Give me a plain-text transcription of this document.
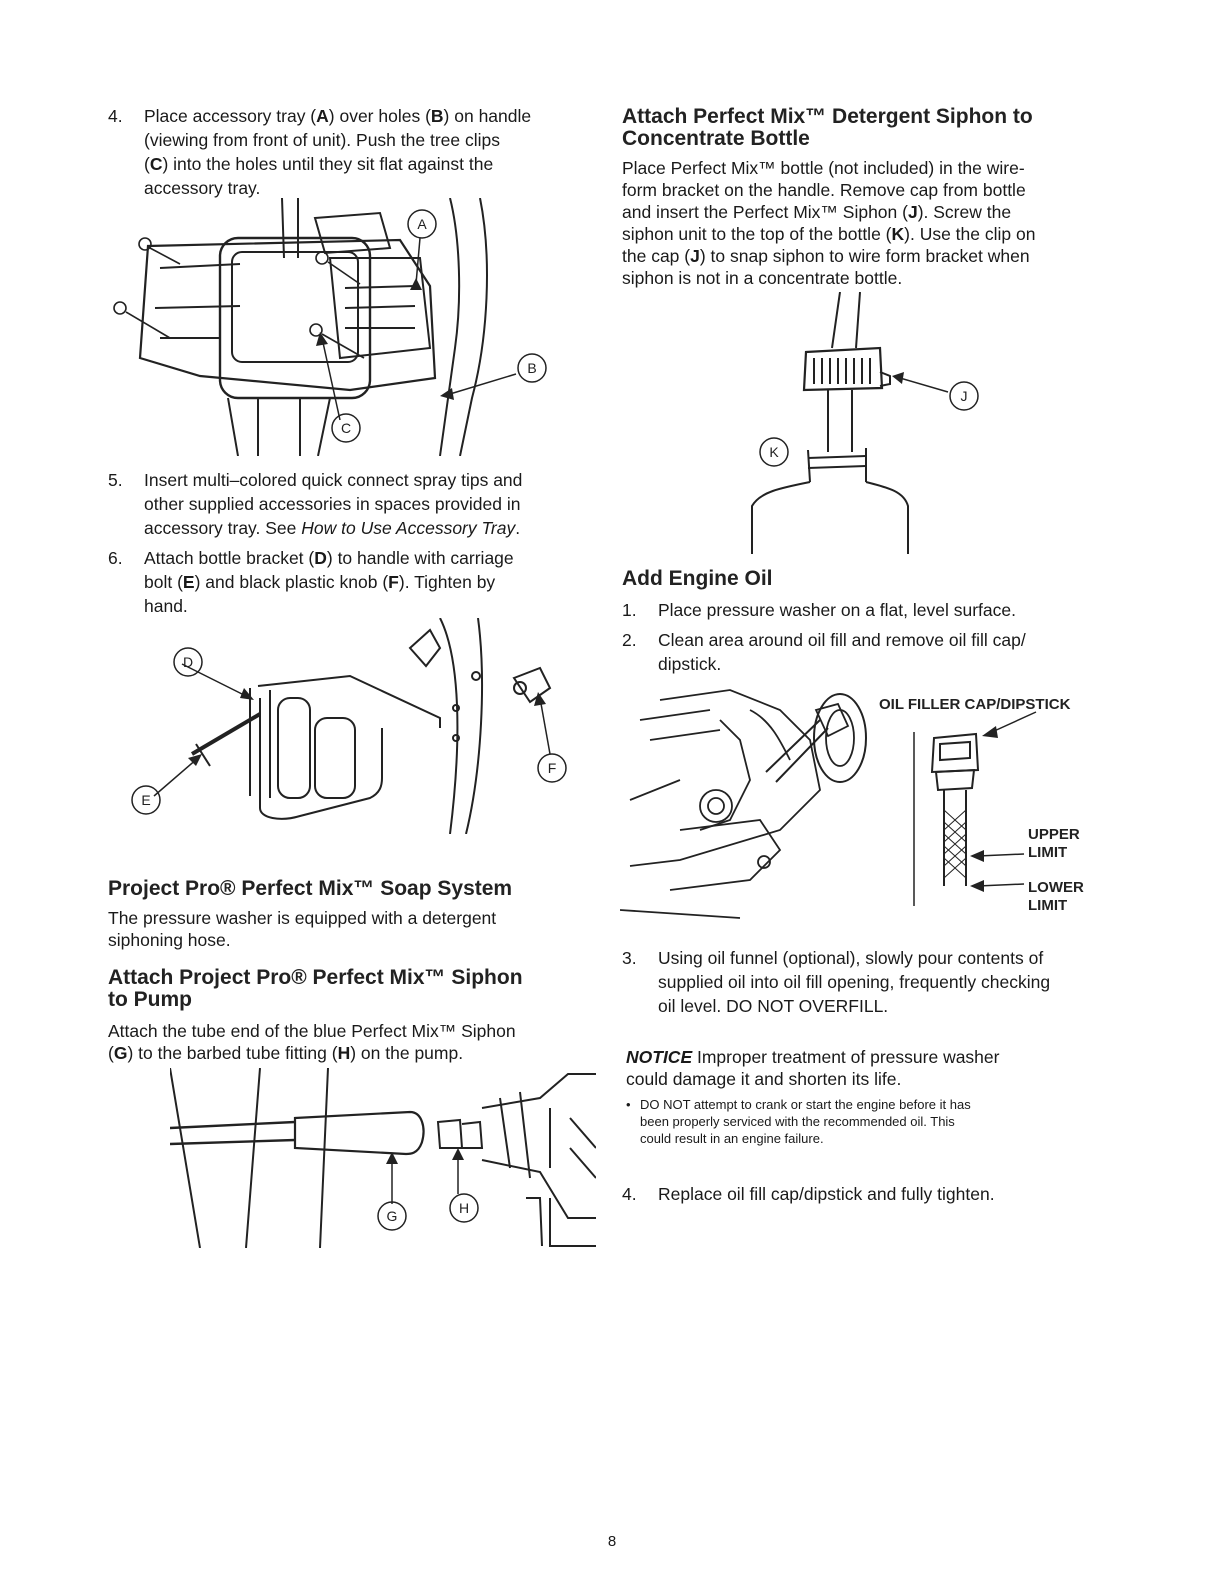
4. Place accessory tray (A) over holes (B) on handle
(viewing from front of unit). Push the tree clips
(C) into the holes until they sit flat against the
accessory tray.
A
B
C
5. Insert multi–colored quick connect spray tips and
other supplied accessories in spaces provided in
accessory tray. See How to Use Accessory Tray.
6. Attach bottle bracket (D) to handle with carriage
bolt (E) and black plastic knob (F). Tighten by
hand.
D
E
F
Project Pro® Perfect Mix™ Soap System
The pressure washer is equipped with a detergent
siphoning hose.
Attach Project Pro® Perfect Mix™ Siphon
to Pump
Attach the tube end of the blue Perfect Mix™ Siphon
(G) to the barbed tube fitting (H) on the pump.
G	H
Attach Perfect Mix™ Detergent Siphon to
Concentrate Bottle
Place Perfect Mix™ bottle (not included) in the wire-
form bracket on the handle. Remove cap from bottle
and insert the Perfect Mix™ Siphon (J). Screw the
siphon unit to the top of the bottle (K). Use the clip on
the cap (J) to snap siphon to wire form bracket when
siphon is not in a concentrate bottle.
J
K
Add Engine Oil
1. Place pressure washer on a flat, level surface.
2. Clean area around oil fill and remove oil fill cap/
dipstick.
OIL FILLER CAP/DIPSTICK
UPPER
LIMIT
LOWER
LIMIT
3. Using oil funnel (optional), slowly pour contents of
supplied oil into oil fill opening, frequently checking
oil level. DO NOT OVERFILL.
NOTICE Improper treatment of pressure washer
could damage it and shorten its life.
• DO NOT attempt to crank or start the engine before it has
been properly serviced with the recommended oil. This
could result in an engine failure.
4. Replace oil fill cap/dipstick and fully tighten.
8
